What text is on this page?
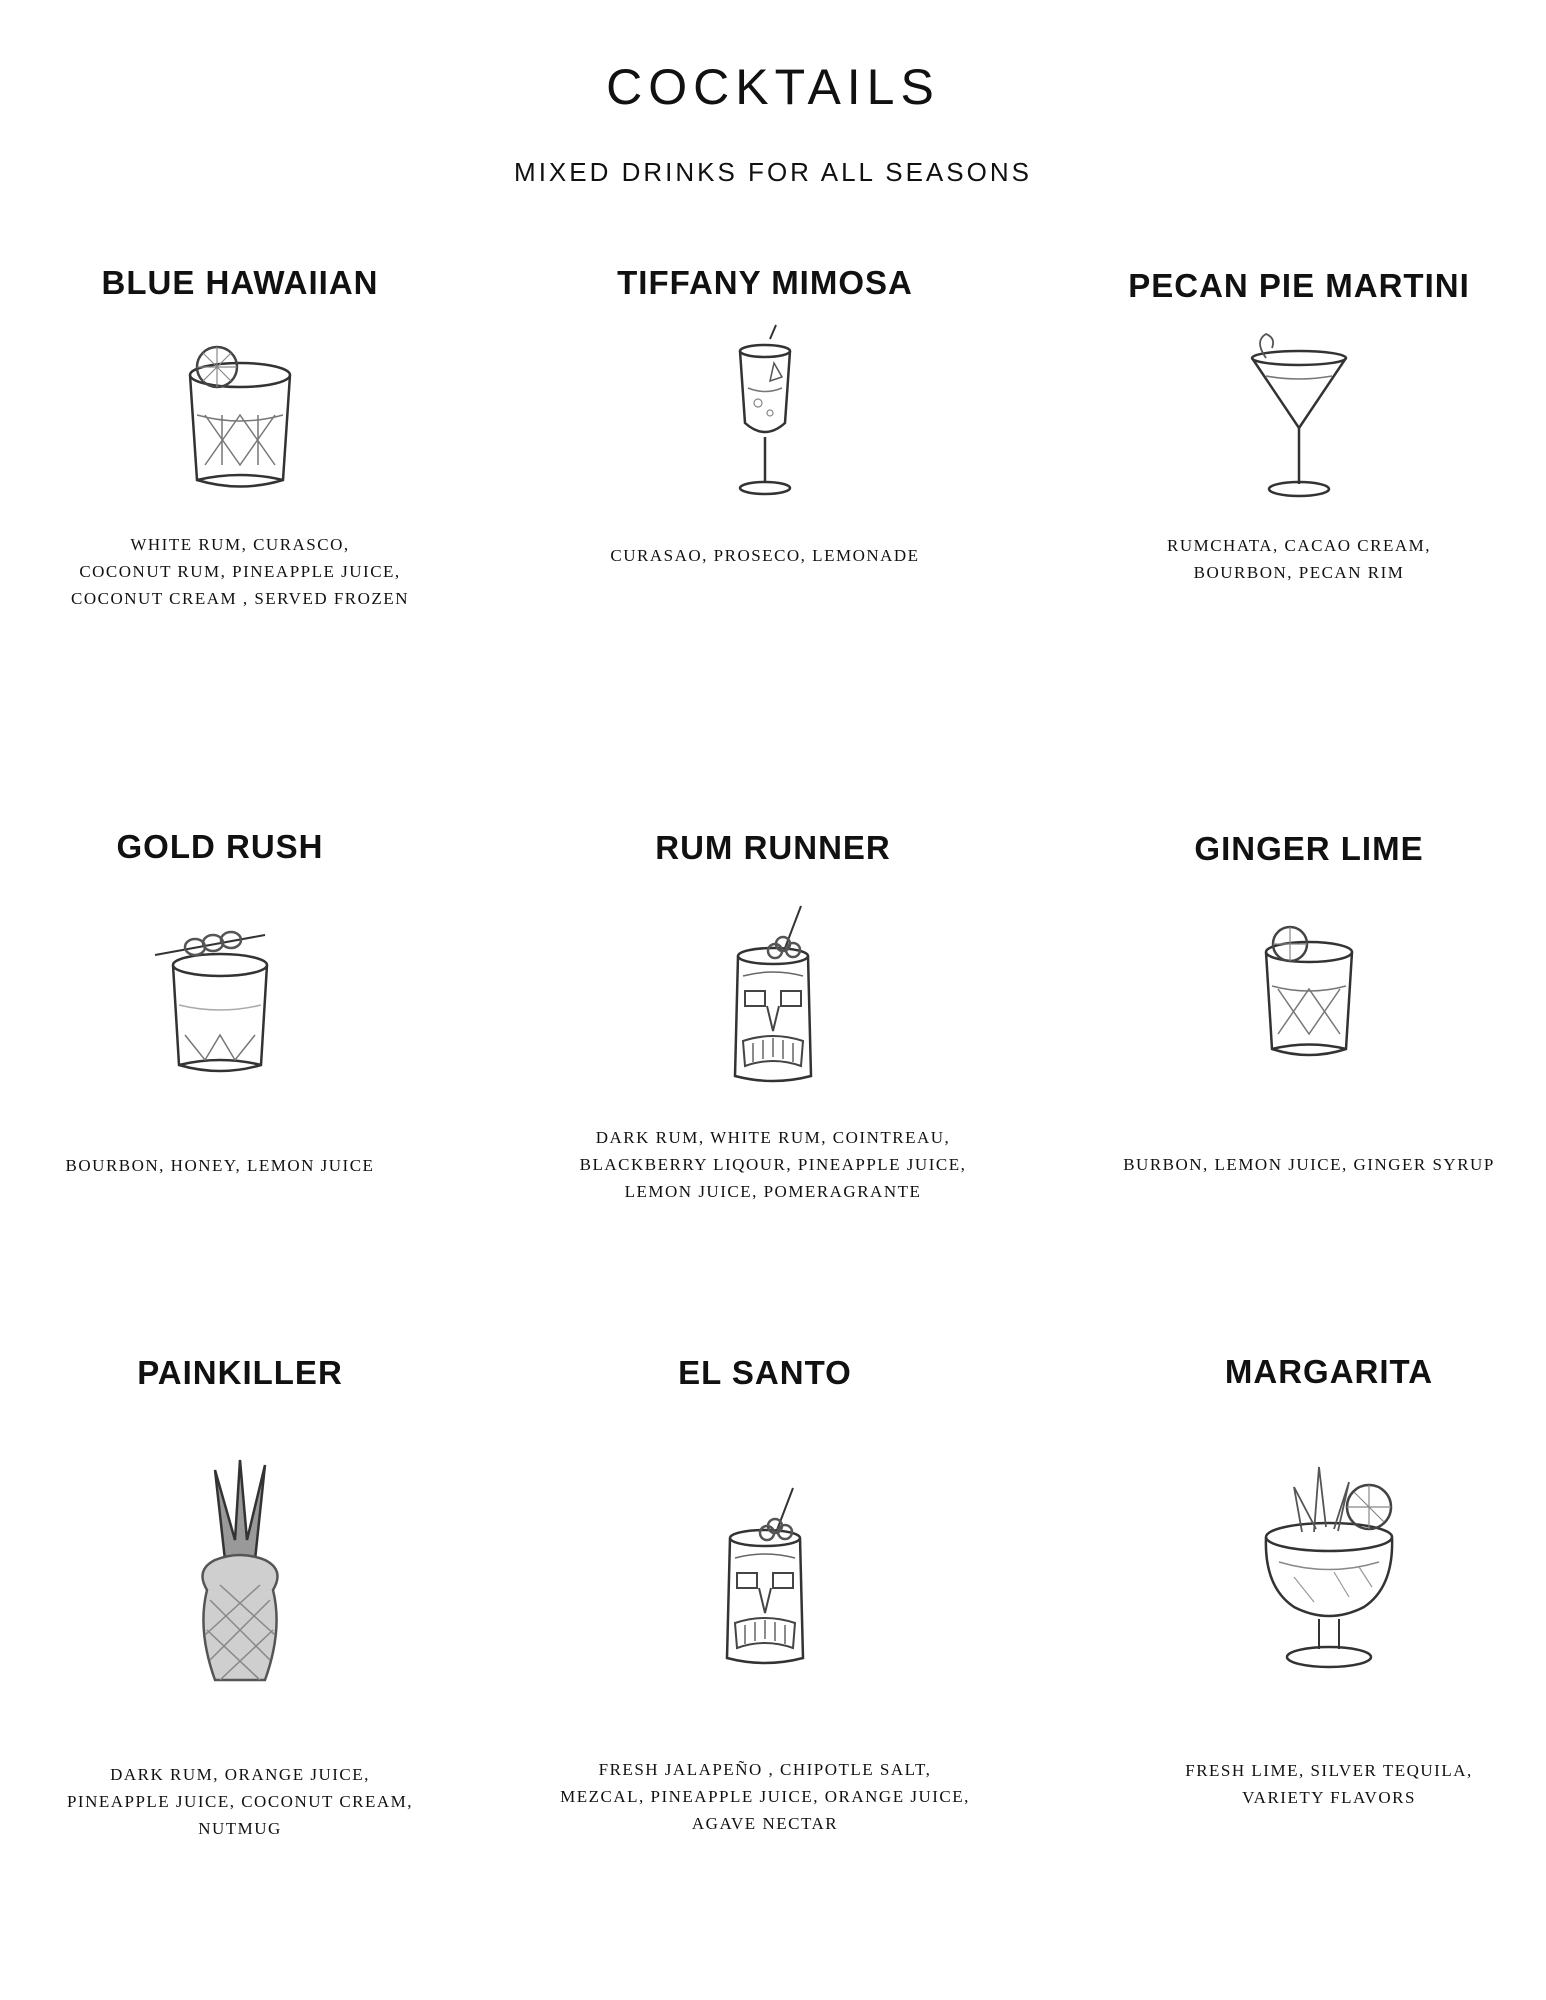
COCKTAILS
MIXED DRINKS FOR ALL SEASONS
BLUE HAWAIIAN

WHITE RUM, CURASCO,
COCONUT RUM, PINEAPPLE JUICE,
COCONUT CREAM , SERVED FROZEN

TIFFANY MIMOSA

CURASAO, PROSECO, LEMONADE

PECAN PIE MARTINI

RUMCHATA, CACAO CREAM,
BOURBON, PECAN RIM

GOLD RUSH

BOURBON, HONEY, LEMON JUICE

RUM RUNNER

DARK RUM, WHITE RUM, COINTREAU,
BLACKBERRY LIQOUR, PINEAPPLE JUICE,
LEMON JUICE, POMERAGRANTE

GINGER LIME

BURBON, LEMON JUICE, GINGER SYRUP

PAINKILLER

DARK RUM, ORANGE JUICE,
PINEAPPLE JUICE, COCONUT CREAM,
NUTMUG

EL SANTO

FRESH JALAPEÑO , CHIPOTLE SALT,
MEZCAL, PINEAPPLE JUICE, ORANGE JUICE,
AGAVE NECTAR

MARGARITA

FRESH LIME, SILVER TEQUILA,
VARIETY FLAVORS
